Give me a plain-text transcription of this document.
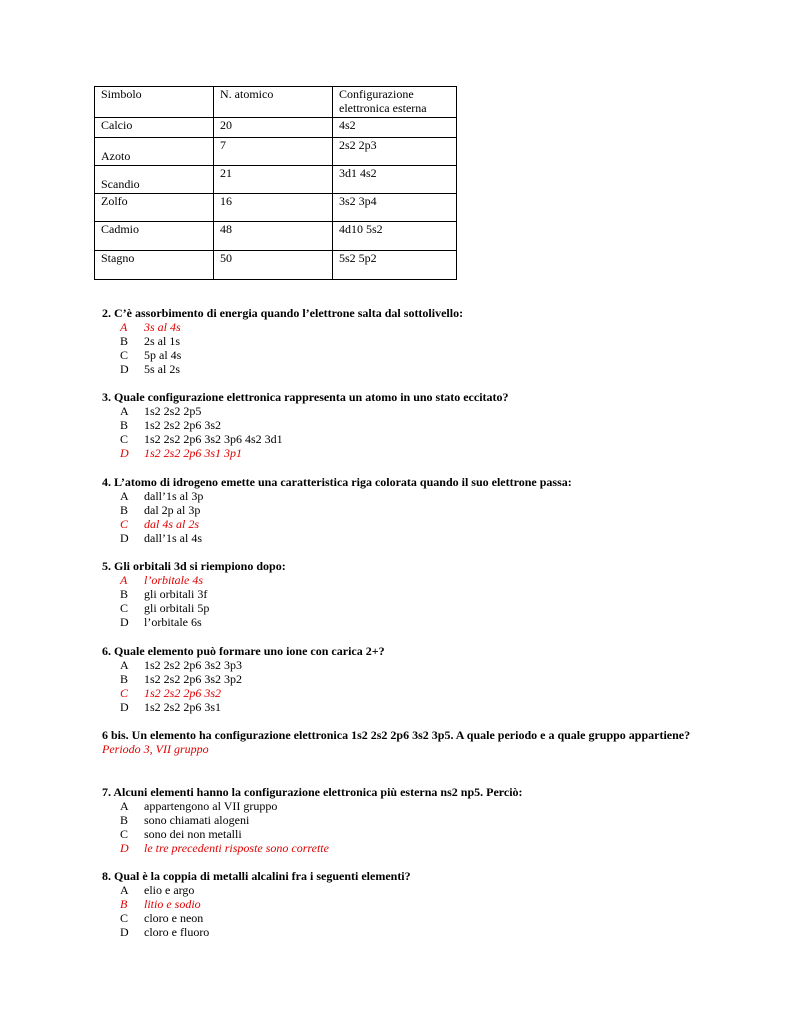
Simbolo	N. atomico	Configurazione
elettronica esterna
Calcio	20	4s2
Azoto	7	2s2 2p3
Scandio	21	3d1 4s2
Zolfo	16	3s2 3p4
Cadmio	48	4d10 5s2
Stagno	50	5s2 5p2
2. C’è assorbimento di energia quando l’elettrone salta dal sottolivello:
A 3s al 4s
B 2s al 1s
C 5p al 4s
D 5s al 2s
3. Quale configurazione elettronica rappresenta un atomo in uno stato eccitato?
A 1s2 2s2 2p5
B 1s2 2s2 2p6 3s2
C 1s2 2s2 2p6 3s2 3p6 4s2 3d1
D 1s2 2s2 2p6 3s1 3p1
4. L’atomo di idrogeno emette una caratteristica riga colorata quando il suo elettrone passa:
A dall’1s al 3p
B dal 2p al 3p
C dal 4s al 2s
D dall’1s al 4s
5. Gli orbitali 3d si riempiono dopo:
A l’orbitale 4s
B gli orbitali 3f
C gli orbitali 5p
D l’orbitale 6s
6. Quale elemento può formare uno ione con carica 2+?
A 1s2 2s2 2p6 3s2 3p3
B 1s2 2s2 2p6 3s2 3p2
C 1s2 2s2 2p6 3s2
D 1s2 2s2 2p6 3s1
6 bis. Un elemento ha configurazione elettronica 1s2 2s2 2p6 3s2 3p5. A quale periodo e a quale gruppo appartiene?
Periodo 3, VII gruppo
7. Alcuni elementi hanno la configurazione elettronica più esterna ns2 np5. Perciò:
A appartengono al VII gruppo
B sono chiamati alogeni
C sono dei non metalli
D le tre precedenti risposte sono corrette
8. Qual è la coppia di metalli alcalini fra i seguenti elementi?
A elio e argo
B litio e sodio
C cloro e neon
D cloro e fluoro
